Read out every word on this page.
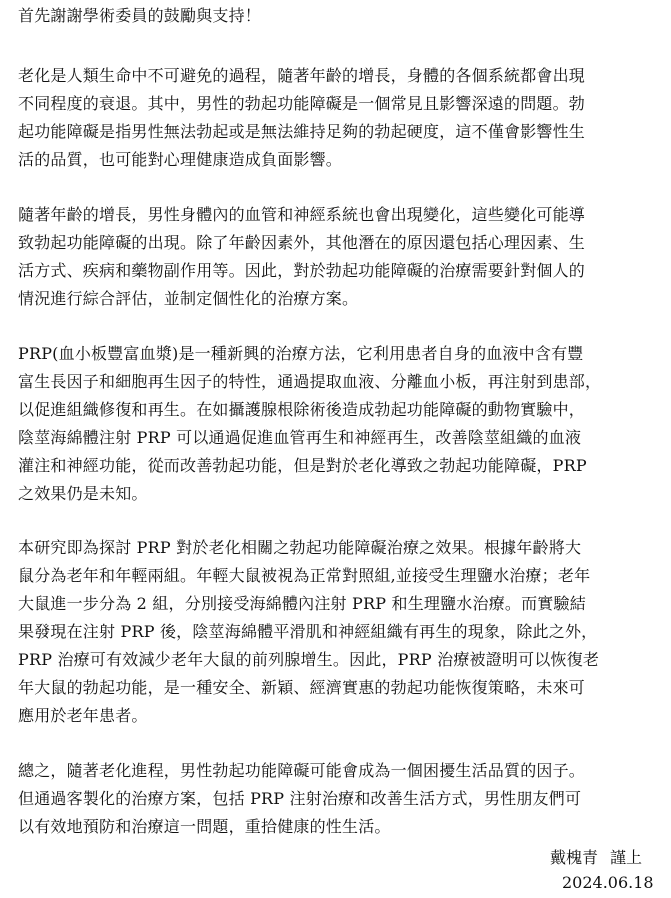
首先謝謝學術委員的鼓勵與支持！
老化是人類生命中不可避免的過程，隨著年齡的增長，身體的各個系統都會出現
不同程度的衰退。其中，男性的勃起功能障礙是一個常見且影響深遠的問題。勃
起功能障礙是指男性無法勃起或是無法維持足夠的勃起硬度，這不僅會影響性生
活的品質，也可能對心理健康造成負面影響。
隨著年齡的增長，男性身體內的血管和神經系統也會出現變化，這些變化可能導
致勃起功能障礙的出現。除了年齡因素外，其他潛在的原因還包括心理因素、生
活方式、疾病和藥物副作用等。因此，對於勃起功能障礙的治療需要針對個人的
情況進行綜合評估，並制定個性化的治療方案。
PRP(血小板豐富血漿)是一種新興的治療方法，它利用患者自身的血液中含有豐
富生長因子和細胞再生因子的特性，通過提取血液、分離血小板，再注射到患部，
以促進組織修復和再生。在如攝護腺根除術後造成勃起功能障礙的動物實驗中，
陰莖海綿體注射 PRP 可以通過促進血管再生和神經再生，改善陰莖組織的血液
灌注和神經功能，從而改善勃起功能，但是對於老化導致之勃起功能障礙，PRP
之效果仍是未知。
本研究即為探討 PRP 對於老化相關之勃起功能障礙治療之效果。根據年齡將大
鼠分為老年和年輕兩組。年輕大鼠被視為正常對照組,並接受生理鹽水治療；老年
大鼠進一步分為 2 組，分別接受海綿體內注射 PRP 和生理鹽水治療。而實驗結
果發現在注射 PRP 後，陰莖海綿體平滑肌和神經組織有再生的現象，除此之外，
PRP 治療可有效減少老年大鼠的前列腺增生。因此，PRP 治療被證明可以恢復老
年大鼠的勃起功能，是一種安全、新穎、經濟實惠的勃起功能恢復策略，未來可
應用於老年患者。
總之，隨著老化進程，男性勃起功能障礙可能會成為一個困擾生活品質的因子。
但通過客製化的治療方案，包括 PRP 注射治療和改善生活方式，男性朋友們可
以有效地預防和治療這一問題，重拾健康的性生活。
戴槐青 謹上
2024.06.18
